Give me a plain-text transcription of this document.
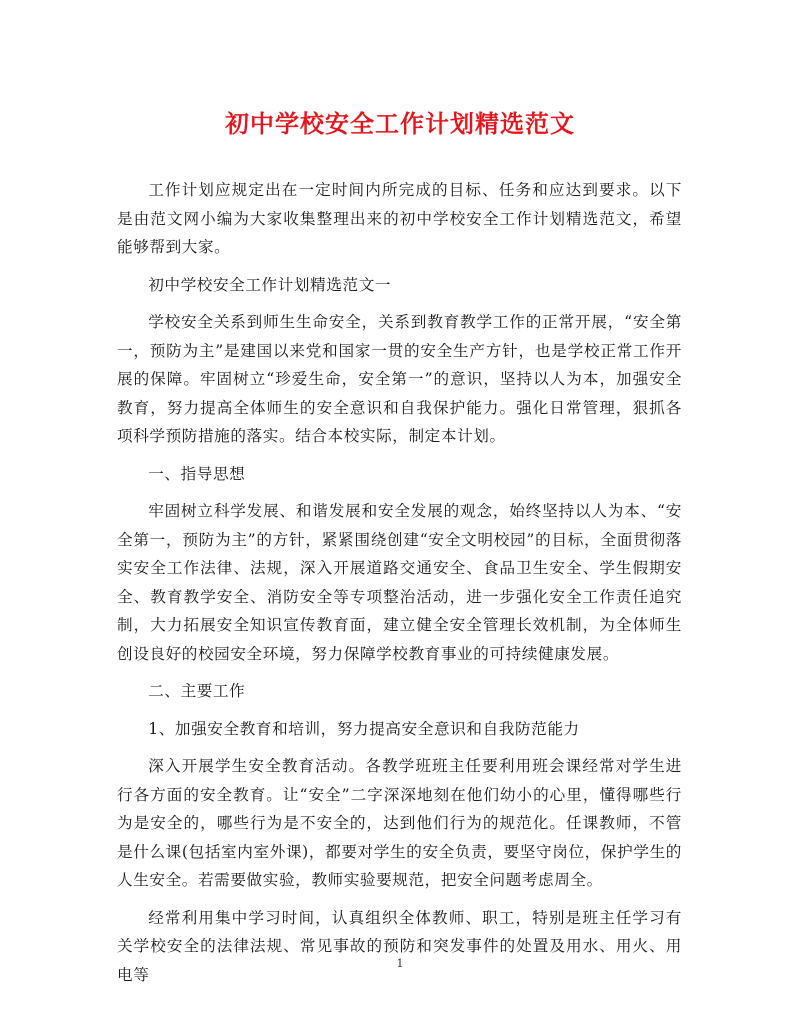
初中学校安全工作计划精选范文

工作计划应规定出在一定时间内所完成的目标、任务和应达到要求。以下是由范文网小编为大家收集整理出来的初中学校安全工作计划精选范文，希望能够帮到大家。

初中学校安全工作计划精选范文一

学校安全关系到师生生命安全，关系到教育教学工作的正常开展，“安全第一，预防为主”是建国以来党和国家一贯的安全生产方针，也是学校正常工作开展的保障。牢固树立“珍爱生命，安全第一”的意识，坚持以人为本，加强安全教育，努力提高全体师生的安全意识和自我保护能力。强化日常管理，狠抓各项科学预防措施的落实。结合本校实际，制定本计划。

一、指导思想

牢固树立科学发展、和谐发展和安全发展的观念，始终坚持以人为本、“安全第一，预防为主”的方针，紧紧围绕创建“安全文明校园”的目标，全面贯彻落实安全工作法律、法规，深入开展道路交通安全、食品卫生安全、学生假期安全、教育教学安全、消防安全等专项整治活动，进一步强化安全工作责任追究制，大力拓展安全知识宣传教育面，建立健全安全管理长效机制，为全体师生创设良好的校园安全环境，努力保障学校教育事业的可持续健康发展。

二、主要工作

1、加强安全教育和培训，努力提高安全意识和自我防范能力

深入开展学生安全教育活动。各教学班班主任要利用班会课经常对学生进行各方面的安全教育。让“安全”二字深深地刻在他们幼小的心里，懂得哪些行为是安全的，哪些行为是不安全的，达到他们行为的规范化。任课教师，不管是什么课(包括室内室外课)，都要对学生的安全负责，要坚守岗位，保护学生的人生安全。若需要做实验，教师实验要规范，把安全问题考虑周全。

经常利用集中学习时间，认真组织全体教师、职工，特别是班主任学习有关学校安全的法律法规、常见事故的预防和突发事件的处置及用水、用火、用电等

1
